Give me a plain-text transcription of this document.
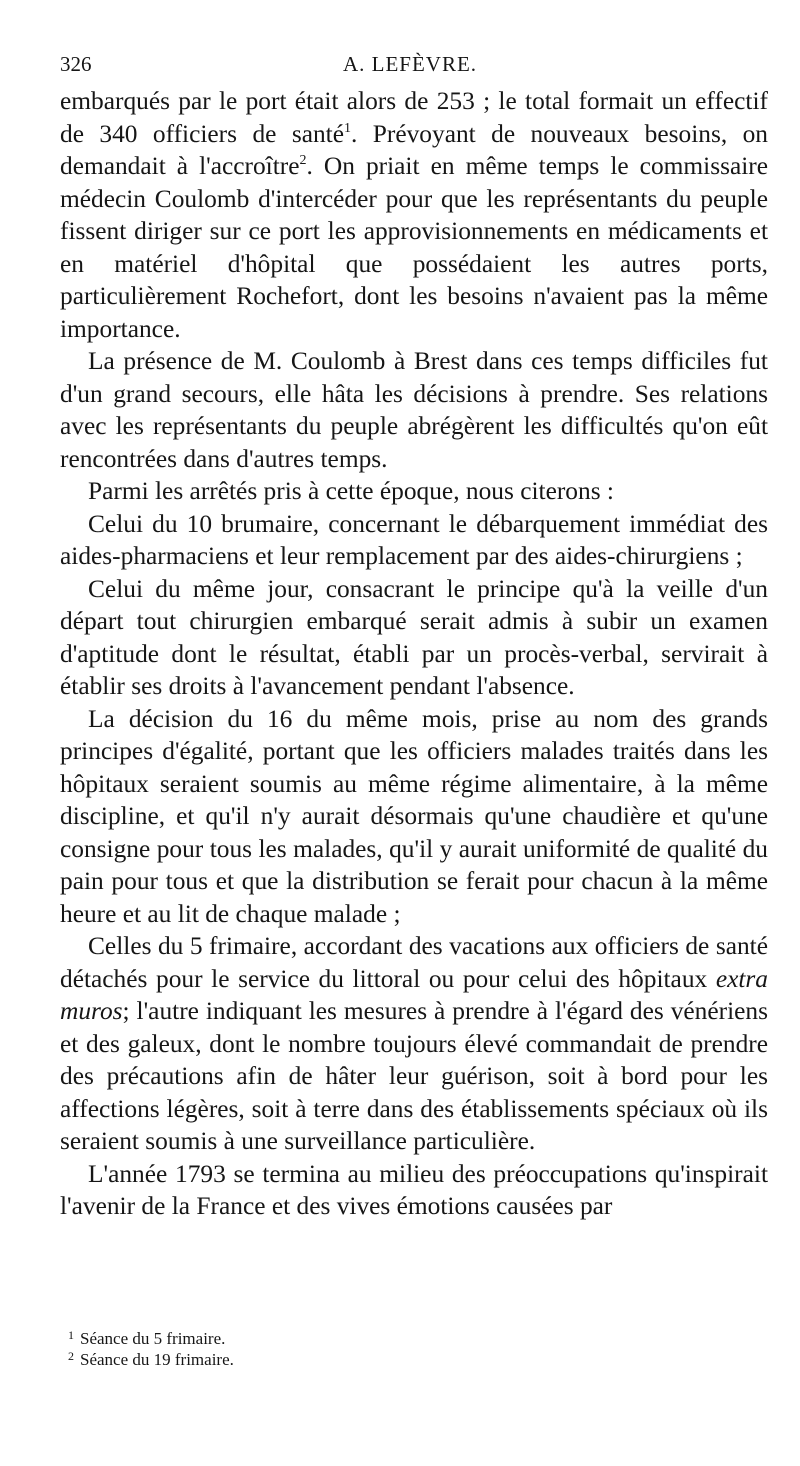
326	A. LEFÈVRE.

embarqués par le port était alors de 253 ; le total formait un effectif de 340 officiers de santé$^1$. Prévoyant de nouveaux besoins, on demandait à l'accroître$^2$. On priait en même temps le commissaire médecin Coulomb d'intercéder pour que les représentants du peuple fissent diriger sur ce port les approvisionnements en médicaments et en matériel d'hôpital que possédaient les autres ports, particulièrement Rochefort, dont les besoins n'avaient pas la même importance.

La présence de M. Coulomb à Brest dans ces temps difficiles fut d'un grand secours, elle hâta les décisions à prendre. Ses relations avec les représentants du peuple abrégèrent les difficultés qu'on eût rencontrées dans d'autres temps.

Parmi les arrêtés pris à cette époque, nous citerons :

Celui du 10 brumaire, concernant le débarquement immédiat des aides-pharmaciens et leur remplacement par des aides-chirurgiens ;

Celui du même jour, consacrant le principe qu'à la veille d'un départ tout chirurgien embarqué serait admis à subir un examen d'aptitude dont le résultat, établi par un procès-verbal, servirait à établir ses droits à l'avancement pendant l'absence.

La décision du 16 du même mois, prise au nom des grands principes d'égalité, portant que les officiers malades traités dans les hôpitaux seraient soumis au même régime alimentaire, à la même discipline, et qu'il n'y aurait désormais qu'une chaudière et qu'une consigne pour tous les malades, qu'il y aurait uniformité de qualité du pain pour tous et que la distribution se ferait pour chacun à la même heure et au lit de chaque malade ;

Celles du 5 frimaire, accordant des vacations aux officiers de santé détachés pour le service du littoral ou pour celui des hôpitaux extra muros; l'autre indiquant les mesures à prendre à l'égard des vénériens et des galeux, dont le nombre toujours élevé commandait de prendre des précautions afin de hâter leur guérison, soit à bord pour les affections légères, soit à terre dans des établissements spéciaux où ils seraient soumis à une surveillance particulière.

L'année 1793 se termina au milieu des préoccupations qu'inspirait l'avenir de la France et des vives émotions causées par

1 Séance du 5 frimaire.

2 Séance du 19 frimaire.
